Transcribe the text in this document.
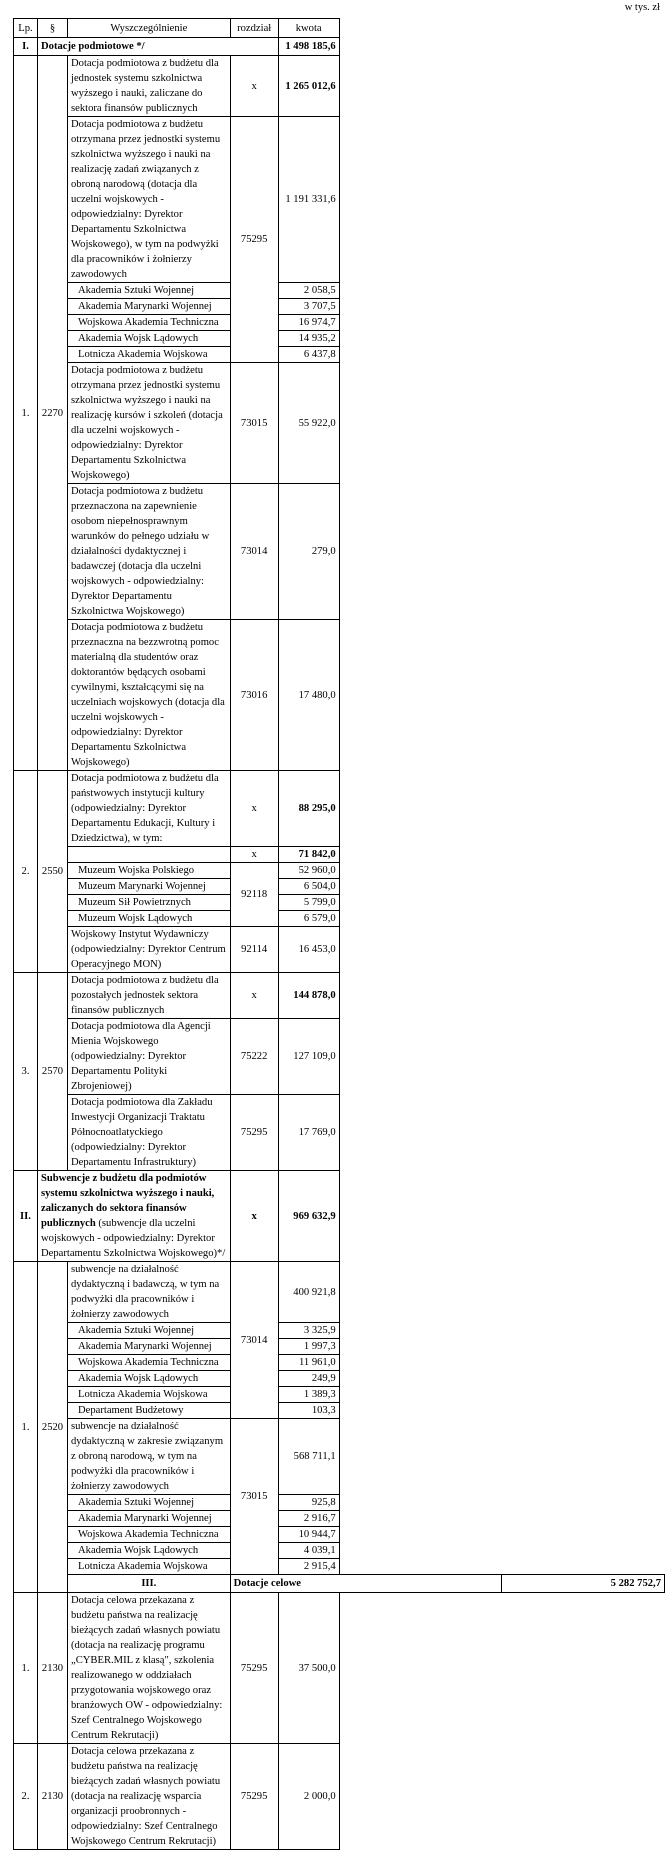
w tys. zł
Lp.	§	Wyszczególnienie	rozdział	kwota	
I.	Dotacje podmiotowe */			1 498 185,6	
1.	2270	Dotacja podmiotowa z budżetu dla jednostek systemu szkolnictwa wyższego i nauki, zaliczane do sektora finansów publicznych	x	1 265 012,6	
		Dotacja podmiotowa z budżetu otrzymana przez jednostki systemu szkolnictwa wyższego i nauki na realizację zadań związanych z obroną narodową (dotacja dla uczelni wojskowych - odpowiedzialny: Dyrektor Departamentu Szkolnictwa Wojskowego), w tym na podwyżki dla pracowników i żołnierzy zawodowych	75295	1 191 331,6	
		Akademia Sztuki Wojennej		2 058,5	
		Akademia Marynarki Wojennej		3 707,5	
		Wojskowa Akademia Techniczna		16 974,7	
		Akademia Wojsk Lądowych		14 935,2	
		Lotnicza Akademia Wojskowa		6 437,8	
		Dotacja podmiotowa z budżetu otrzymana przez jednostki systemu szkolnictwa wyższego i nauki na realizację kursów i szkoleń (dotacja dla uczelni wojskowych - odpowiedzialny: Dyrektor Departamentu Szkolnictwa Wojskowego)	73015	55 922,0	
		Dotacja podmiotowa z budżetu przeznaczona na zapewnienie osobom niepełnosprawnym warunków do pełnego udziału w działalności dydaktycznej i badawczej (dotacja dla uczelni wojskowych - odpowiedzialny: Dyrektor Departamentu Szkolnictwa Wojskowego)	73014	279,0	
		Dotacja podmiotowa z budżetu przeznaczna na bezzwrotną pomoc materialną dla studentów oraz doktorantów będących osobami cywilnymi, kształcącymi się na uczelniach wojskowych (dotacja dla uczelni wojskowych - odpowiedzialny: Dyrektor Departamentu Szkolnictwa Wojskowego)	73016	17 480,0	
2.	2550	Dotacja podmiotowa z budżetu dla państwowych instytucji kultury (odpowiedzialny: Dyrektor Departamentu Edukacji, Kultury i Dziedzictwa), w tym:	x	88 295,0	
			x	71 842,0	
		Muzeum Wojska Polskiego	92118	52 960,0	
		Muzeum Marynarki Wojennej		6 504,0	
		Muzeum Sił Powietrznych		5 799,0	
		Muzeum Wojsk Lądowych		6 579,0	
		Wojskowy Instytut Wydawniczy (odpowiedzialny: Dyrektor Centrum Operacyjnego MON)	92114	16 453,0	
3.	2570	Dotacja podmiotowa z budżetu dla pozostałych jednostek sektora finansów publicznych	x	144 878,0	
		Dotacja podmiotowa dla Agencji Mienia Wojskowego (odpowiedzialny: Dyrektor Departamentu Polityki Zbrojeniowej)	75222	127 109,0	
		Dotacja podmiotowa dla Zakładu Inwestycji Organizacji Traktatu Północnoatlatyckiego (odpowiedzialny: Dyrektor Departamentu Infrastruktury)	75295	17 769,0	
II.	Subwencje z budżetu dla podmiotów systemu szkolnictwa wyższego i nauki, zaliczanych do sektora finansów publicznych (subwencje dla uczelni wojskowych - odpowiedzialny: Dyrektor Departamentu Szkolnictwa Wojskowego)*/		x	969 632,9	
1.	2520	subwencje na działalność dydaktyczną i badawczą, w tym na podwyżki dla pracowników i żołnierzy zawodowych	73014	400 921,8	
		Akademia Sztuki Wojennej		3 325,9	
		Akademia Marynarki Wojennej		1 997,3	
		Wojskowa Akademia Techniczna		11 961,0	
		Akademia Wojsk Lądowych		249,9	
		Lotnicza Akademia Wojskowa		1 389,3	
		Departament Budżetowy		103,3	
		subwencje na działalność dydaktyczną w zakresie związanym z obroną narodową, w tym na podwyżki dla pracowników i żołnierzy zawodowych	73015	568 711,1	
		Akademia Sztuki Wojennej		925,8	
		Akademia Marynarki Wojennej		2 916,7	
		Wojskowa Akademia Techniczna		10 944,7	
		Akademia Wojsk Lądowych		4 039,1	
		Lotnicza Akademia Wojskowa		2 915,4	
		III.	Dotacje celowe		5 282 752,7
1.	2130	Dotacja celowa przekazana z budżetu państwa na realizację bieżących zadań własnych powiatu (dotacja na realizację programu „CYBER.MIL z klasą", szkolenia realizowanego w oddziałach przygotowania wojskowego oraz branżowych OW - odpowiedzialny: Szef Centralnego Wojskowego Centrum Rekrutacji)	75295	37 500,0	
2.	2130	Dotacja celowa przekazana z budżetu państwa na realizację bieżących zadań własnych powiatu (dotacja na realizację wsparcia organizacji proobronnych - odpowiedzialny: Szef Centralnego Wojskowego Centrum Rekrutacji)	75295	2 000,0	
